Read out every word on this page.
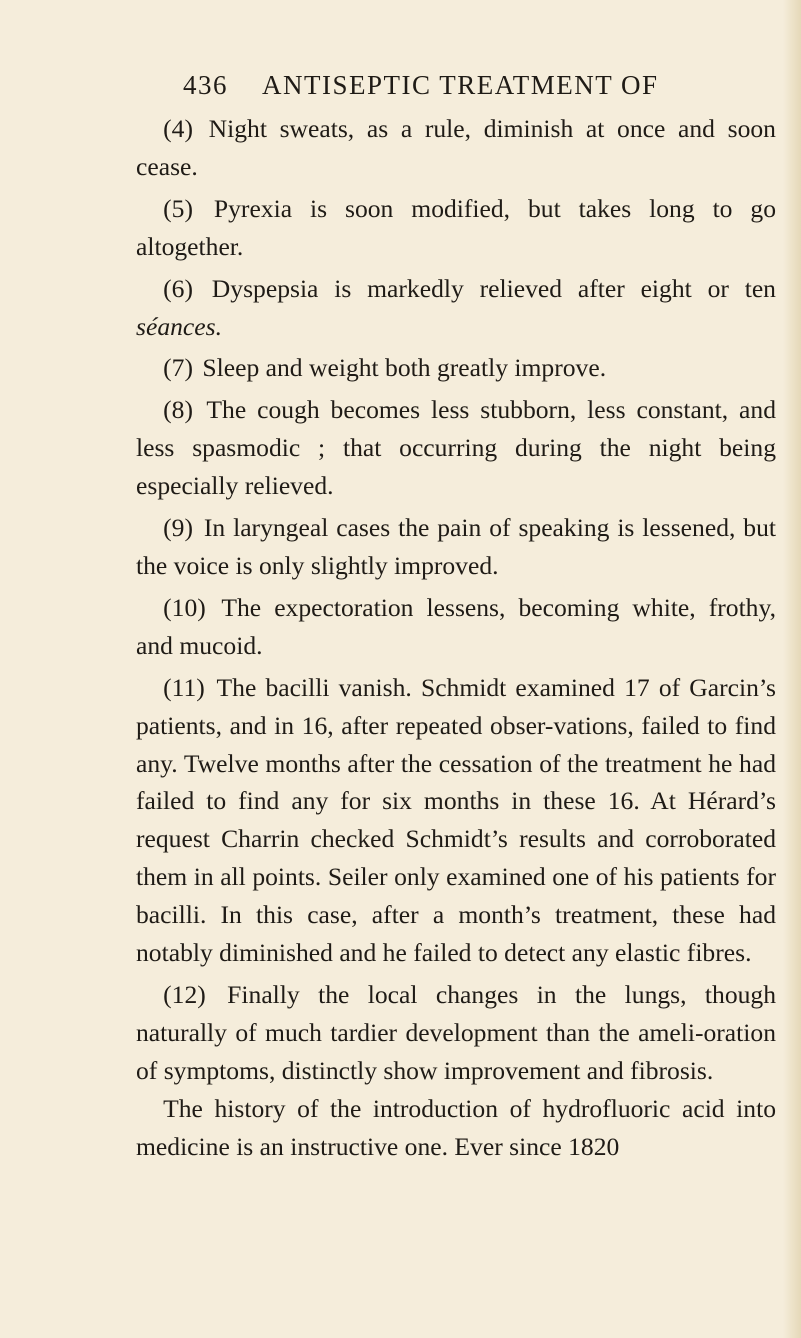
436 ANTISEPTIC TREATMENT OF

(4) Night sweats, as a rule, diminish at once and soon cease.

(5) Pyrexia is soon modified, but takes long to go altogether.

(6) Dyspepsia is markedly relieved after eight or ten séances.

(7) Sleep and weight both greatly improve.

(8) The cough becomes less stubborn, less constant, and less spasmodic ; that occurring during the night being especially relieved.

(9) In laryngeal cases the pain of speaking is lessened, but the voice is only slightly improved.

(10) The expectoration lessens, becoming white, frothy, and mucoid.

(11) The bacilli vanish. Schmidt examined 17 of Garcin’s patients, and in 16, after repeated obser-vations, failed to find any. Twelve months after the cessation of the treatment he had failed to find any for six months in these 16. At Hérard’s request Charrin checked Schmidt’s results and corroborated them in all points. Seiler only examined one of his patients for bacilli. In this case, after a month’s treatment, these had notably diminished and he failed to detect any elastic fibres.

(12) Finally the local changes in the lungs, though naturally of much tardier development than the ameli-oration of symptoms, distinctly show improvement and fibrosis.

The history of the introduction of hydrofluoric acid into medicine is an instructive one. Ever since 1820
